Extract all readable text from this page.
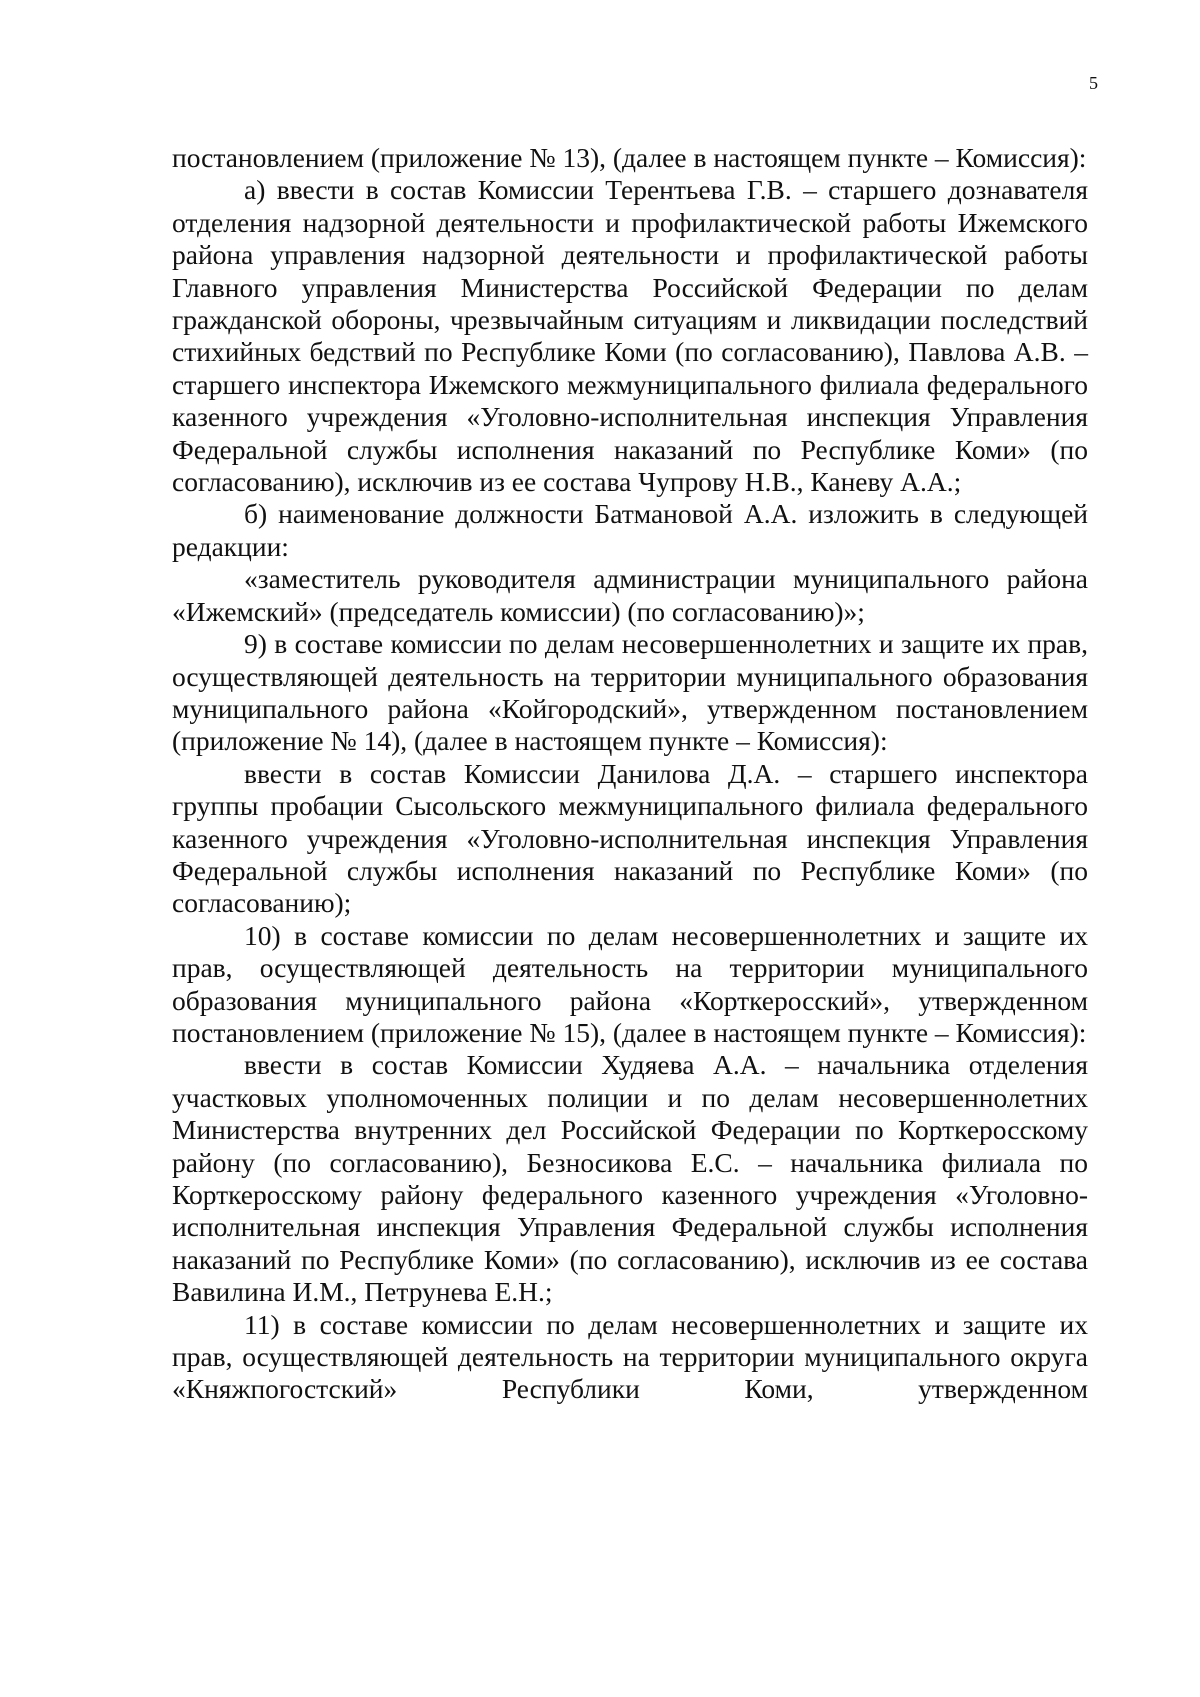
5

постановлением (приложение № 13), (далее в настоящем пункте – Комиссия):

а) ввести в состав Комиссии Терентьева Г.В. – старшего дознавателя отделения надзорной деятельности и профилактической работы Ижемского района управления надзорной деятельности и профилактической работы Главного управления Министерства Российской Федерации по делам гражданской обороны, чрезвычайным ситуациям и ликвидации последствий стихийных бедствий по Республике Коми (по согласованию), Павлова А.В. – старшего инспектора Ижемского межмуниципального филиала федерального казенного учреждения «Уголовно-исполнительная инспекция Управления Федеральной службы исполнения наказаний по Республике Коми» (по согласованию), исключив из ее состава Чупрову Н.В., Каневу А.А.;

б) наименование должности Батмановой А.А. изложить в следующей редакции:

«заместитель руководителя администрации муниципального района «Ижемский» (председатель комиссии) (по согласованию)»;

9) в составе комиссии по делам несовершеннолетних и защите их прав, осуществляющей деятельность на территории муниципального образования муниципального района «Койгородский», утвержденном постановлением (приложение № 14), (далее в настоящем пункте – Комиссия):

ввести в состав Комиссии Данилова Д.А. – старшего инспектора группы пробации Сысольского межмуниципального филиала федерального казенного учреждения «Уголовно-исполнительная инспекция Управления Федеральной службы исполнения наказаний по Республике Коми» (по согласованию);

10) в составе комиссии по делам несовершеннолетних и защите их прав, осуществляющей деятельность на территории муниципального образования муниципального района «Корткеросский», утвержденном постановлением (приложение № 15), (далее в настоящем пункте – Комиссия):

ввести в состав Комиссии Худяева А.А. – начальника отделения участковых уполномоченных полиции и по делам несовершеннолетних Министерства внутренних дел Российской Федерации по Корткеросскому району (по согласованию), Безносикова Е.С. – начальника филиала по Корткеросскому району федерального казенного учреждения «Уголовно-исполнительная инспекция Управления Федеральной службы исполнения наказаний по Республике Коми» (по согласованию), исключив из ее состава Вавилина И.М., Петрунева Е.Н.;

11) в составе комиссии по делам несовершеннолетних и защите их прав, осуществляющей деятельность на территории муниципального округа «Княжпогостский» Республики Коми, утвержденном
